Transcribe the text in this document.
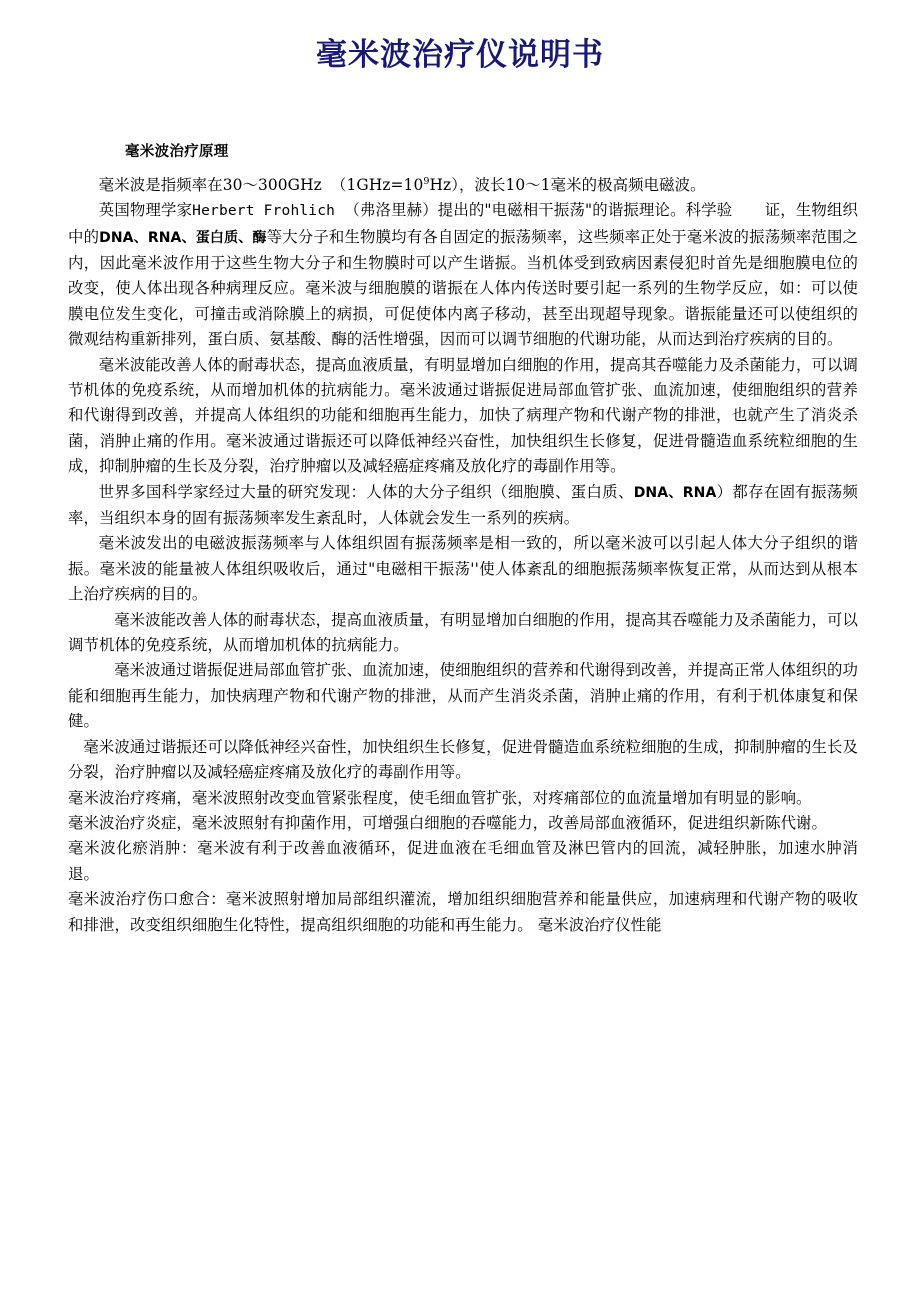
毫米波治疗仪说明书
毫米波治疗原理

毫米波是指频率在30～300GHz $(1GHz=10^9Hz)$，波长10～1毫米的极高频电磁波。

英国物理学家Herbert Frohlich （弗洛里赫）提出的"电磁相干振荡"的谐振理论。科学验 证，生物组织中的DNA、RNA、蛋白质、酶等大分子和生物膜均有各自固定的振荡频率，这些频率正处于毫米波的振荡频率范围之内，因此毫米波作用于这些生物大分子和生物膜时可以产生谐振。当机体受到致病因素侵犯时首先是细胞膜电位的改变，使人体出现各种病理反应。毫米波与细胞膜的谐振在人体内传送时要引起一系列的生物学反应，如：可以使膜电位发生变化，可撞击或消除膜上的病损，可促使体内离子移动，甚至出现超导现象。谐振能量还可以使组织的微观结构重新排列，蛋白质、氨基酸、酶的活性增强，因而可以调节细胞的代谢功能，从而达到治疗疾病的目的。

毫米波能改善人体的耐毒状态，提高血液质量，有明显增加白细胞的作用，提高其吞噬能力及杀菌能力，可以调节机体的免疫系统，从而增加机体的抗病能力。毫米波通过谐振促进局部血管扩张、血流加速，使细胞组织的营养和代谢得到改善，并提高人体组织的功能和细胞再生能力，加快了病理产物和代谢产物的排泄，也就产生了消炎杀菌，消肿止痛的作用。毫米波通过谐振还可以降低神经兴奋性，加快组织生长修复，促进骨髓造血系统粒细胞的生成，抑制肿瘤的生长及分裂，治疗肿瘤以及减轻癌症疼痛及放化疗的毒副作用等。

世界多国科学家经过大量的研究发现：人体的大分子组织（细胞膜、蛋白质、DNA、RNA）都存在固有振荡频率，当组织本身的固有振荡频率发生紊乱时，人体就会发生一系列的疾病。

毫米波发出的电磁波振荡频率与人体组织固有振荡频率是相一致的，所以毫米波可以引起人体大分子组织的谐振。毫米波的能量被人体组织吸收后，通过"电磁相干振荡''使人体紊乱的细胞振荡频率恢复正常，从而达到从根本上治疗疾病的目的。

毫米波能改善人体的耐毒状态，提高血液质量，有明显增加白细胞的作用，提高其吞噬能力及杀菌能力，可以调节机体的免疫系统，从而增加机体的抗病能力。

毫米波通过谐振促进局部血管扩张、血流加速，使细胞组织的营养和代谢得到改善，并提高正常人体组织的功能和细胞再生能力，加快病理产物和代谢产物的排泄，从而产生消炎杀菌，消肿止痛的作用，有利于机体康复和保健。

毫米波通过谐振还可以降低神经兴奋性，加快组织生长修复，促进骨髓造血系统粒细胞的生成，抑制肿瘤的生长及分裂，治疗肿瘤以及减轻癌症疼痛及放化疗的毒副作用等。

毫米波治疗疼痛，毫米波照射改变血管紧张程度，使毛细血管扩张，对疼痛部位的血流量增加有明显的影响。

毫米波治疗炎症，毫米波照射有抑菌作用，可增强白细胞的吞噬能力，改善局部血液循环，促进组织新陈代谢。

毫米波化瘀消肿：毫米波有利于改善血液循环，促进血液在毛细血管及淋巴管内的回流，减轻肿胀，加速水肿消退。

毫米波治疗伤口愈合：毫米波照射增加局部组织灌流，增加组织细胞营养和能量供应，加速病理和代谢产物的吸收和排泄，改变组织细胞生化特性，提高组织细胞的功能和再生能力。 毫米波治疗仪性能
